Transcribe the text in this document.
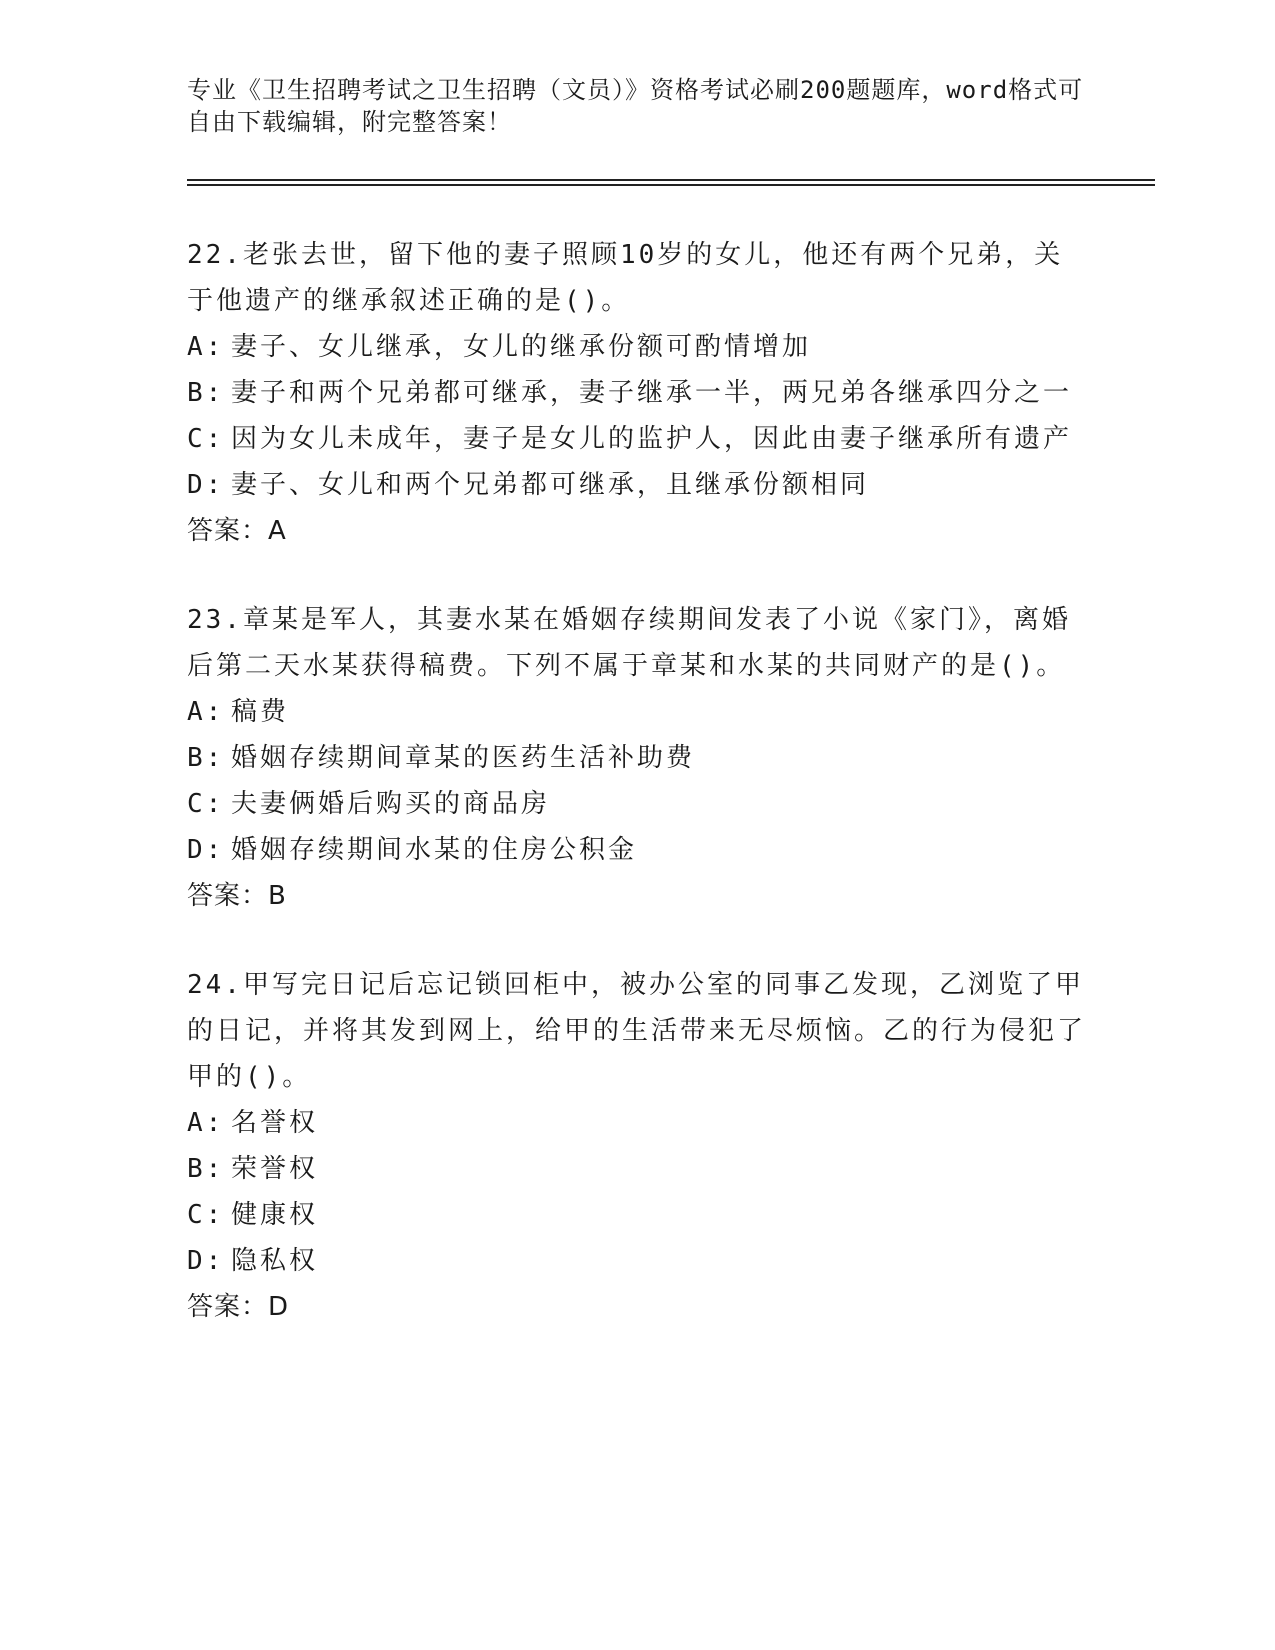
专业《卫生招聘考试之卫生招聘（文员）》资格考试必刷200题题库，word格式可自由下载编辑，附完整答案！

22.老张去世，留下他的妻子照顾10岁的女儿，他还有两个兄弟，关于他遗产的继承叙述正确的是()。

A: 妻子、女儿继承，女儿的继承份额可酌情增加
B: 妻子和两个兄弟都可继承，妻子继承一半，两兄弟各继承四分之一
C: 因为女儿未成年，妻子是女儿的监护人，因此由妻子继承所有遗产
D: 妻子、女儿和两个兄弟都可继承，且继承份额相同
答案：A

23.章某是军人，其妻水某在婚姻存续期间发表了小说《家门》，离婚后第二天水某获得稿费。下列不属于章某和水某的共同财产的是()。

A: 稿费
B: 婚姻存续期间章某的医药生活补助费
C: 夫妻俩婚后购买的商品房
D: 婚姻存续期间水某的住房公积金
答案：B

24.甲写完日记后忘记锁回柜中，被办公室的同事乙发现，乙浏览了甲的日记，并将其发到网上，给甲的生活带来无尽烦恼。乙的行为侵犯了甲的()。

A: 名誉权
B: 荣誉权
C: 健康权
D: 隐私权
答案：D
